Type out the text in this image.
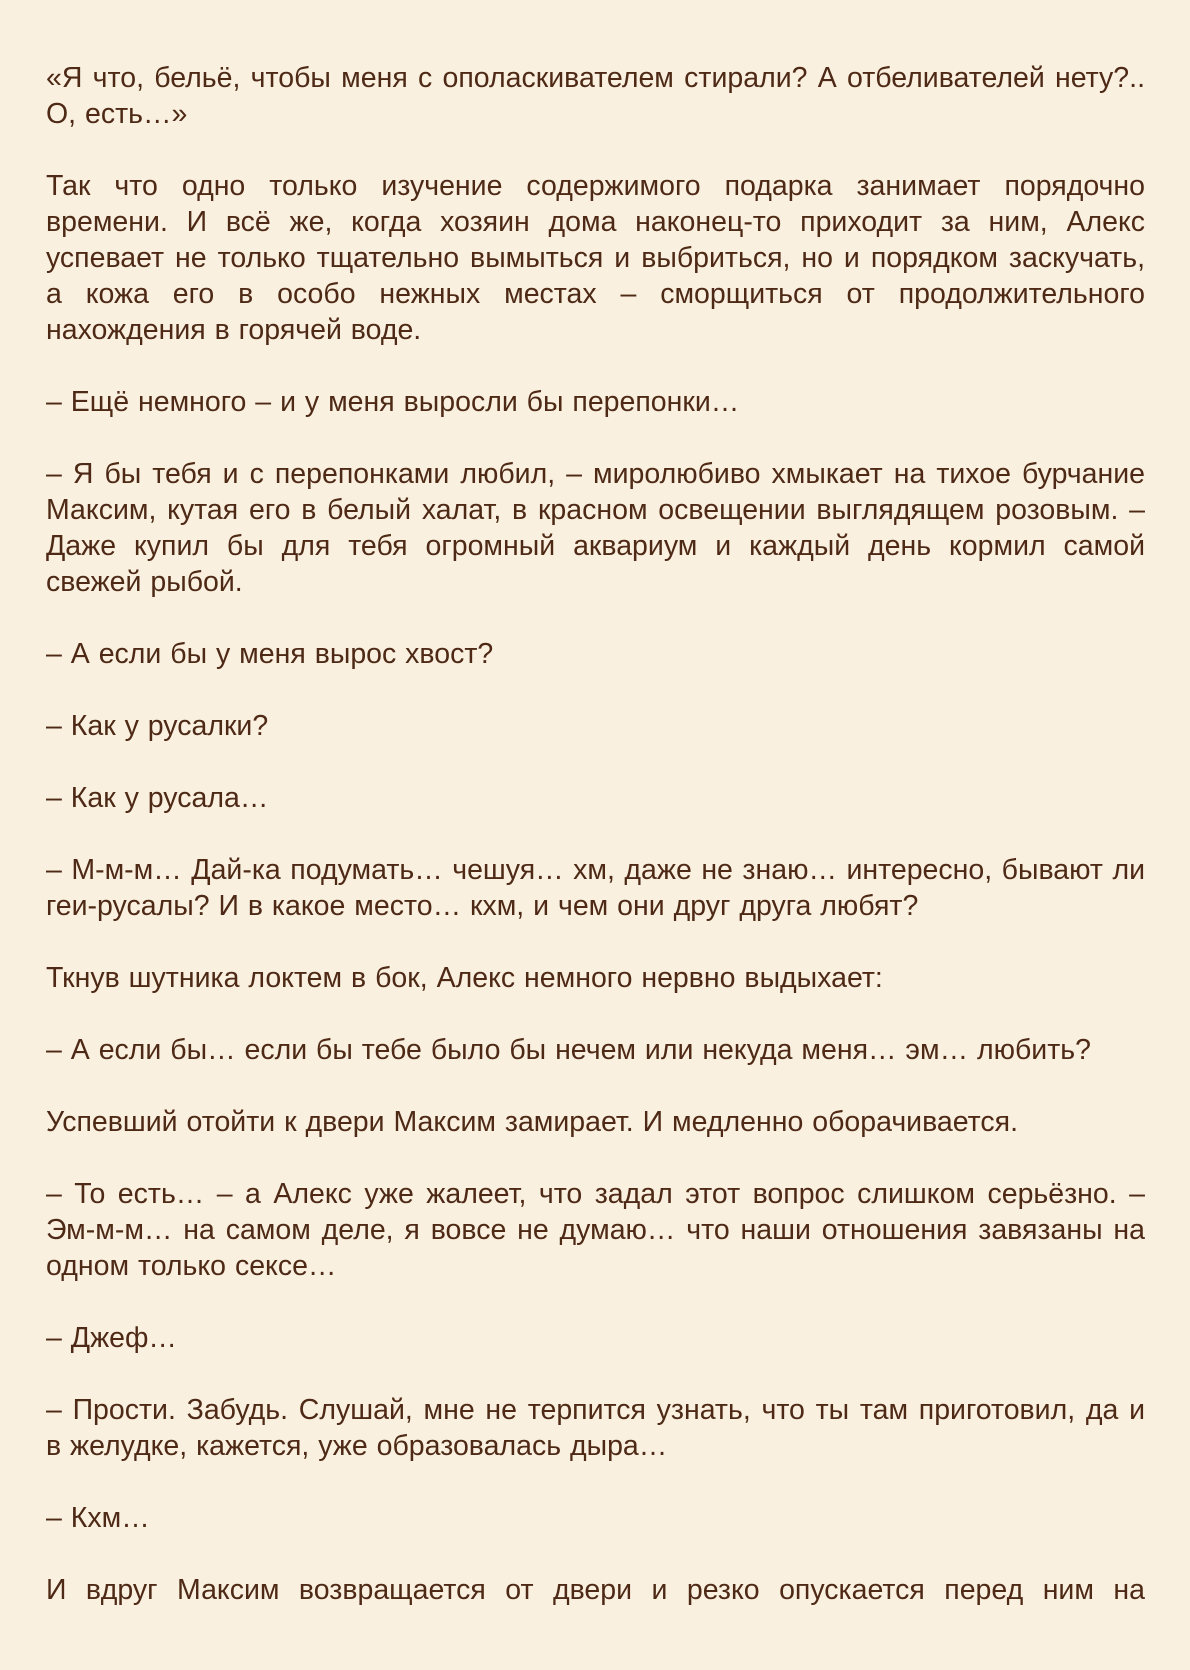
«Я что, бельё, чтобы меня с ополаскивателем стирали? А отбеливателей нету?.. О, есть…»

Так что одно только изучение содержимого подарка занимает порядочно времени. И всё же, когда хозяин дома наконец-то приходит за ним, Алекс успевает не только тщательно вымыться и выбриться, но и порядком заскучать, а кожа его в особо нежных местах – сморщиться от продолжительного нахождения в горячей воде.

– Ещё немного – и у меня выросли бы перепонки…

– Я бы тебя и с перепонками любил, – миролюбиво хмыкает на тихое бурчание Максим, кутая его в белый халат, в красном освещении выглядящем розовым. – Даже купил бы для тебя огромный аквариум и каждый день кормил самой свежей рыбой.

– А если бы у меня вырос хвост?

– Как у русалки?

– Как у русала…

– М-м-м… Дай-ка подумать… чешуя… хм, даже не знаю… интересно, бывают ли геи-русалы? И в какое место… кхм, и чем они друг друга любят?

Ткнув шутника локтем в бок, Алекс немного нервно выдыхает:

– А если бы… если бы тебе было бы нечем или некуда меня… эм… любить?

Успевший отойти к двери Максим замирает. И медленно оборачивается.

– То есть… – а Алекс уже жалеет, что задал этот вопрос слишком серьёзно. – Эм-м-м… на самом деле, я вовсе не думаю… что наши отношения завязаны на одном только сексе…

– Джеф…

– Прости. Забудь. Слушай, мне не терпится узнать, что ты там приготовил, да и в желудке, кажется, уже образовалась дыра…

– Кхм…

И вдруг Максим возвращается от двери и резко опускается перед ним на
